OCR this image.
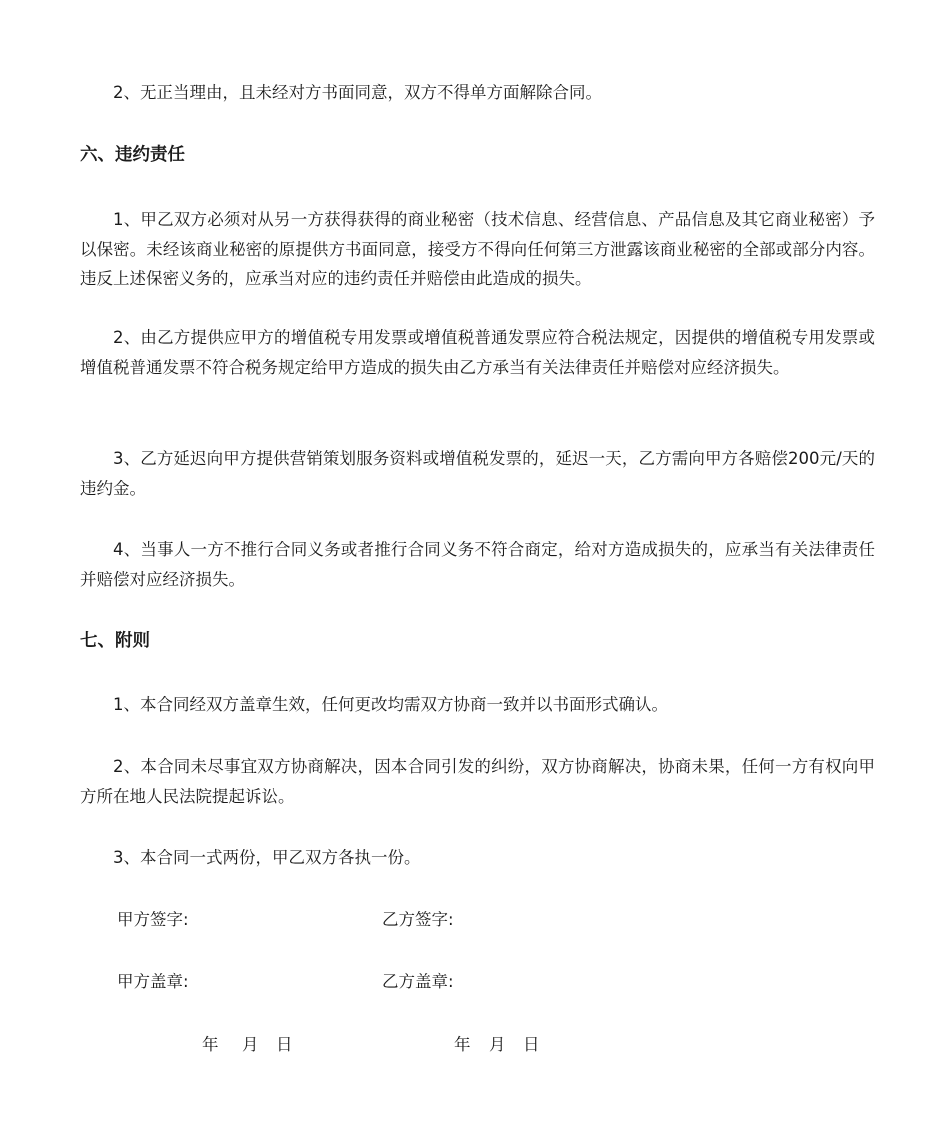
2、无正当理由，且未经对方书面同意，双方不得单方面解除合同。

六、违约责任

1、甲乙双方必须对从另一方获得获得的商业秘密（技术信息、经营信息、产品信息及其它商业秘密）予以保密。未经该商业秘密的原提供方书面同意，接受方不得向任何第三方泄露该商业秘密的全部或部分内容。违反上述保密义务的，应承当对应的违约责任并赔偿由此造成的损失。

2、由乙方提供应甲方的增值税专用发票或增值税普通发票应符合税法规定，因提供的增值税专用发票或增值税普通发票不符合税务规定给甲方造成的损失由乙方承当有关法律责任并赔偿对应经济损失。

3、乙方延迟向甲方提供营销策划服务资料或增值税发票的，延迟一天，乙方需向甲方各赔偿200元/天的违约金。

4、当事人一方不推行合同义务或者推行合同义务不符合商定，给对方造成损失的，应承当有关法律责任并赔偿对应经济损失。

七、附则

1、本合同经双方盖章生效，任何更改均需双方协商一致并以书面形式确认。

2、本合同未尽事宜双方协商解决，因本合同引发的纠纷，双方协商解决，协商未果，任何一方有权向甲方所在地人民法院提起诉讼。

3、本合同一式两份，甲乙双方各执一份。

甲方签字:	乙方签字:
甲方盖章:	乙方盖章:
年 月 日	年 月 日
